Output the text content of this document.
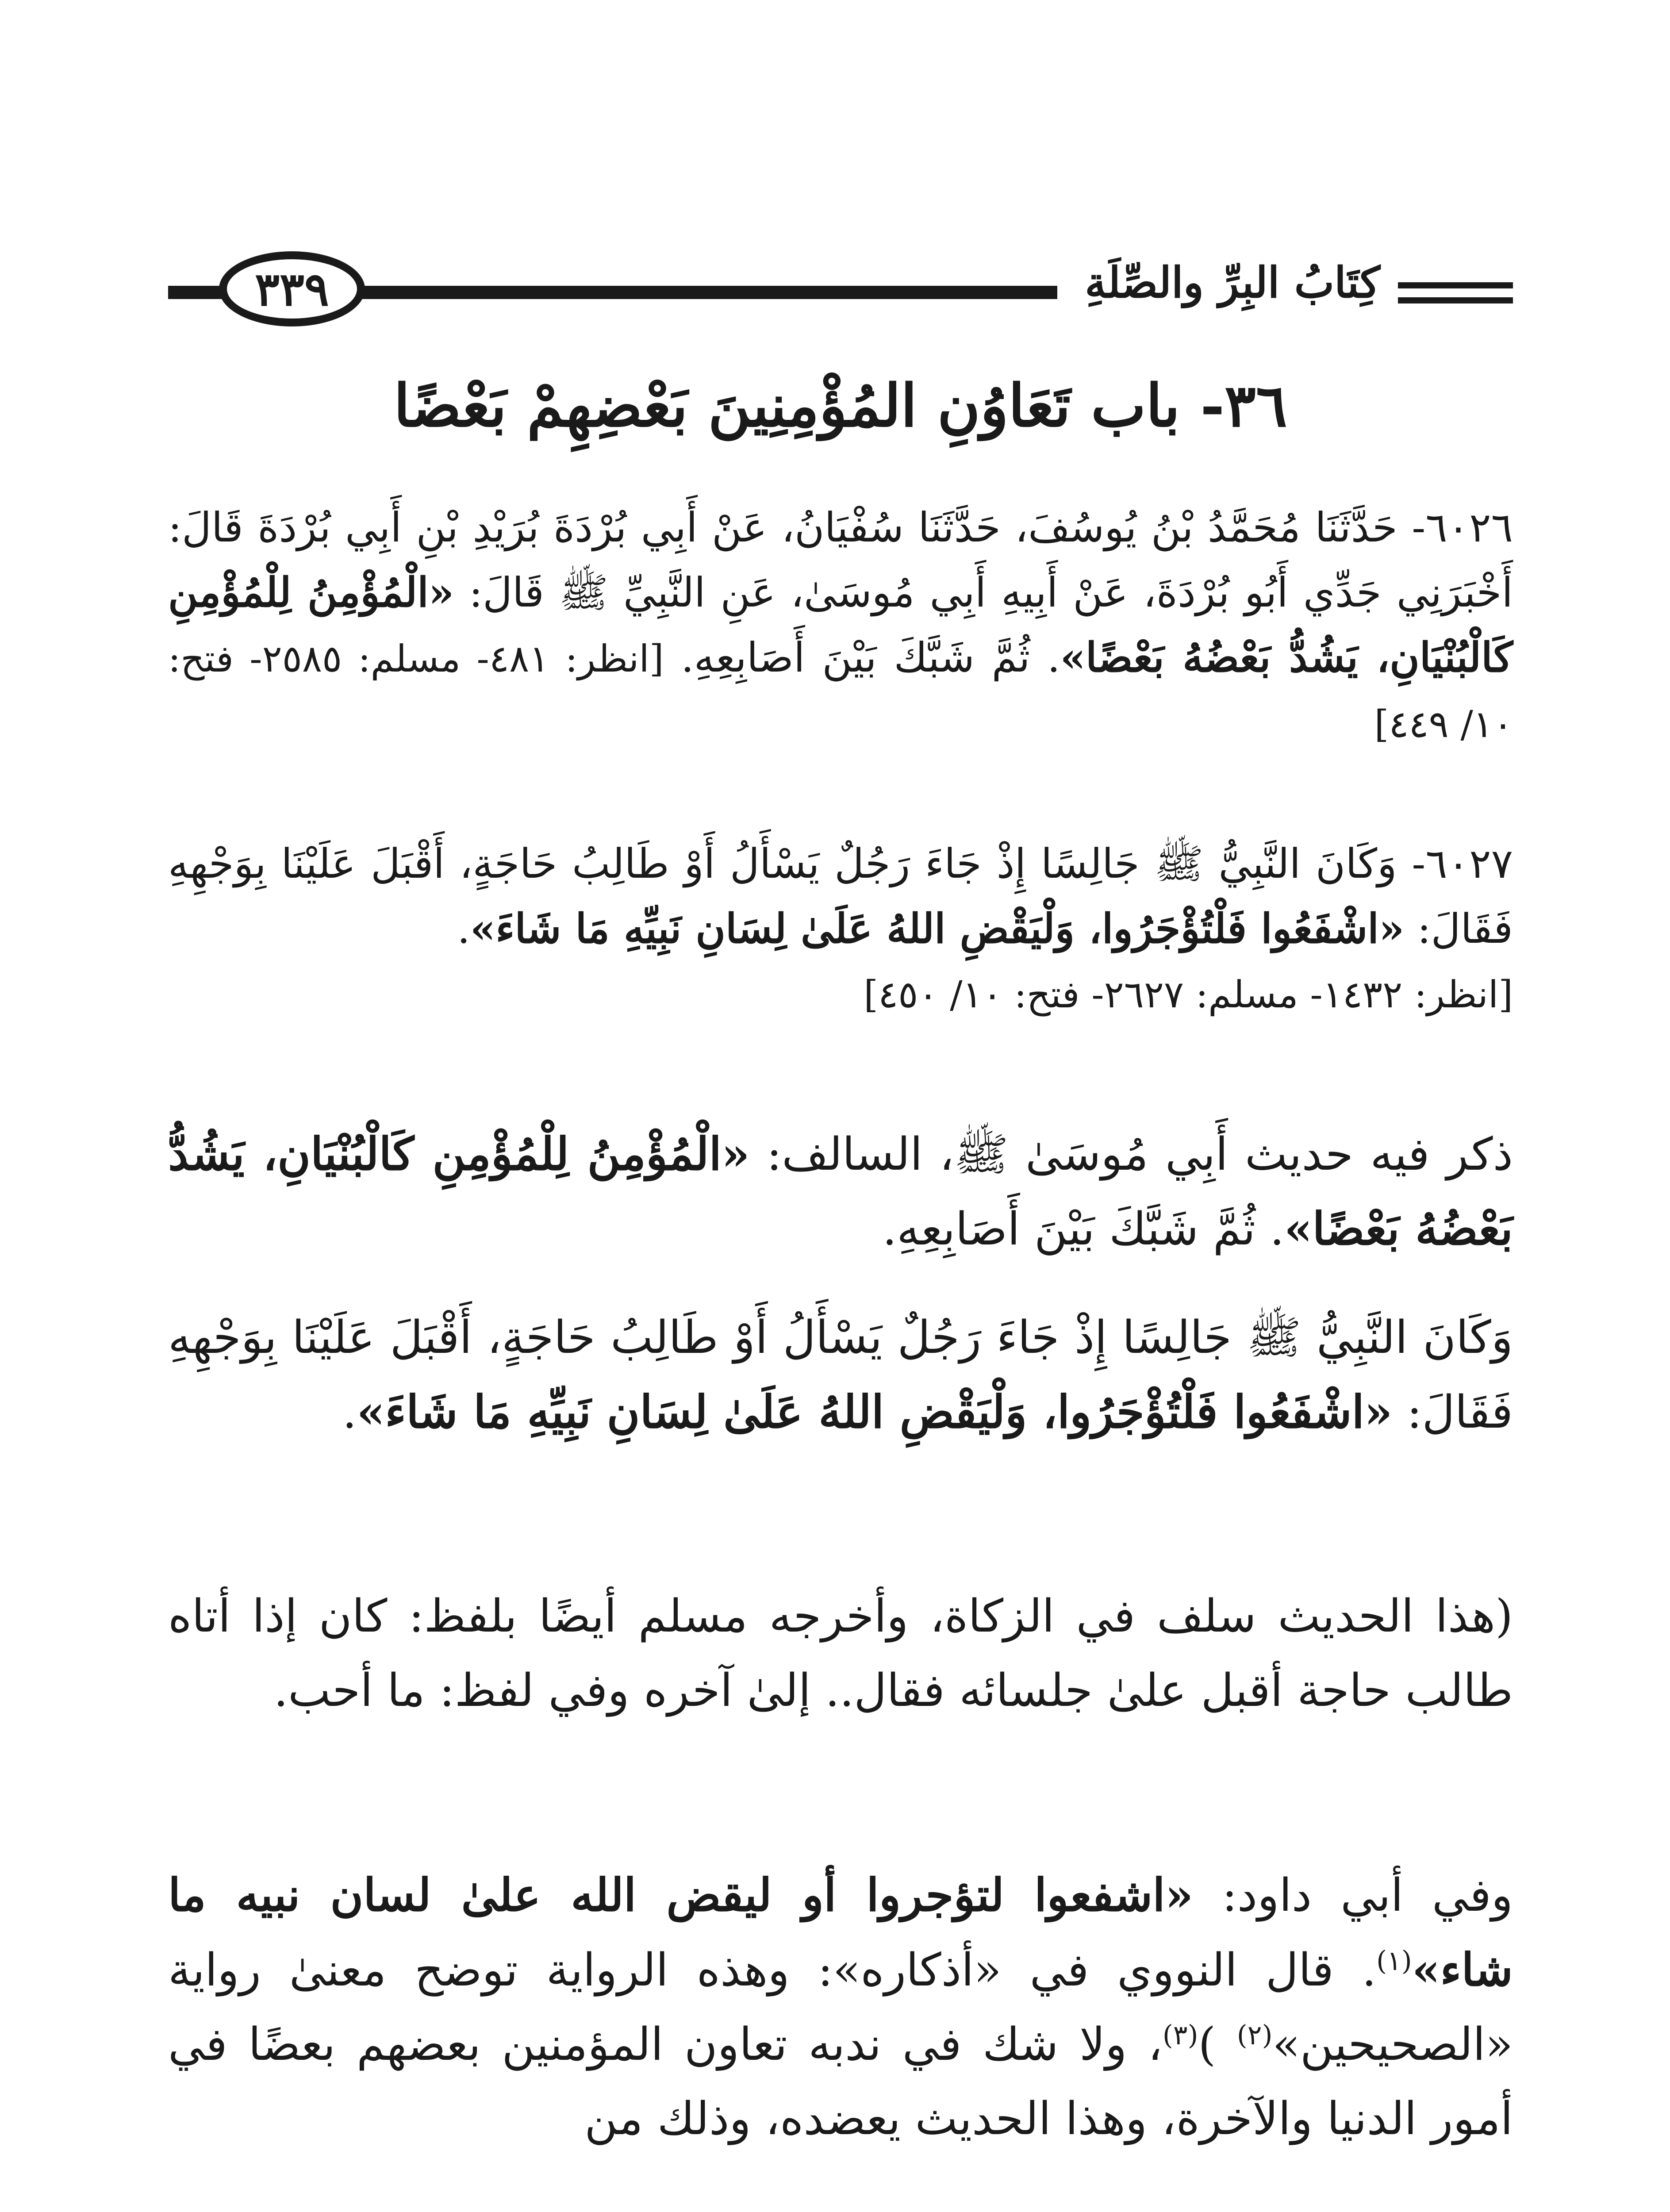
كِتَابُ البِرِّ والصِّلَةِ
٣٣٩
٣٦- باب تَعَاوُنِ المُؤْمِنِينَ بَعْضِهِمْ بَعْضًا
٦٠٢٦- حَدَّثَنَا مُحَمَّدُ بْنُ يُوسُفَ، حَدَّثَنَا سُفْيَانُ، عَنْ أَبِي بُرْدَةَ بُرَيْدِ بْنِ أَبِي بُرْدَةَ قَالَ: أَخْبَرَنِي جَدِّي أَبُو بُرْدَةَ، عَنْ أَبِيهِ أَبِي مُوسَىٰ، عَنِ النَّبِيِّ ﷺ قَالَ: «الْمُؤْمِنُ لِلْمُؤْمِنِ كَالْبُنْيَانِ، يَشُدُّ بَعْضُهُ بَعْضًا». ثُمَّ شَبَّكَ بَيْنَ أَصَابِعِهِ. [انظر: ٤٨١- مسلم: ٢٥٨٥- فتح: ١٠/ ٤٤٩]
٦٠٢٧- وَكَانَ النَّبِيُّ ﷺ جَالِسًا إِذْ جَاءَ رَجُلٌ يَسْأَلُ أَوْ طَالِبُ حَاجَةٍ، أَقْبَلَ عَلَيْنَا بِوَجْهِهِ فَقَالَ: «اشْفَعُوا فَلْتُؤْجَرُوا، وَلْيَقْضِ اللهُ عَلَىٰ لِسَانِ نَبِيِّهِ مَا شَاءَ».
[انظر: ١٤٣٢- مسلم: ٢٦٢٧- فتح: ١٠/ ٤٥٠]
ذكر فيه حديث أَبِي مُوسَىٰ ﷺ، السالف: «الْمُؤْمِنُ لِلْمُؤْمِنِ كَالْبُنْيَانِ، يَشُدُّ بَعْضُهُ بَعْضًا». ثُمَّ شَبَّكَ بَيْنَ أَصَابِعِهِ.
وَكَانَ النَّبِيُّ ﷺ جَالِسًا إِذْ جَاءَ رَجُلٌ يَسْأَلُ أَوْ طَالِبُ حَاجَةٍ، أَقْبَلَ عَلَيْنَا بِوَجْهِهِ فَقَالَ: «اشْفَعُوا فَلْتُؤْجَرُوا، وَلْيَقْضِ اللهُ عَلَىٰ لِسَانِ نَبِيِّهِ مَا شَاءَ».
(هذا الحديث سلف في الزكاة، وأخرجه مسلم أيضًا بلفظ: كان إذا أتاه طالب حاجة أقبل علىٰ جلسائه فقال.. إلىٰ آخره وفي لفظ: ما أحب.
وفي أبي داود: «اشفعوا لتؤجروا أو ليقض الله علىٰ لسان نبيه ما شاء»$^{(١)}$. قال النووي في «أذكاره»: وهذه الرواية توضح معنىٰ رواية «الصحيحين»$^{(٢)}$ )$^{(٣)}$، ولا شك في ندبه تعاون المؤمنين بعضهم بعضًا في أمور الدنيا والآخرة، وهذا الحديث يعضده، وذلك من
